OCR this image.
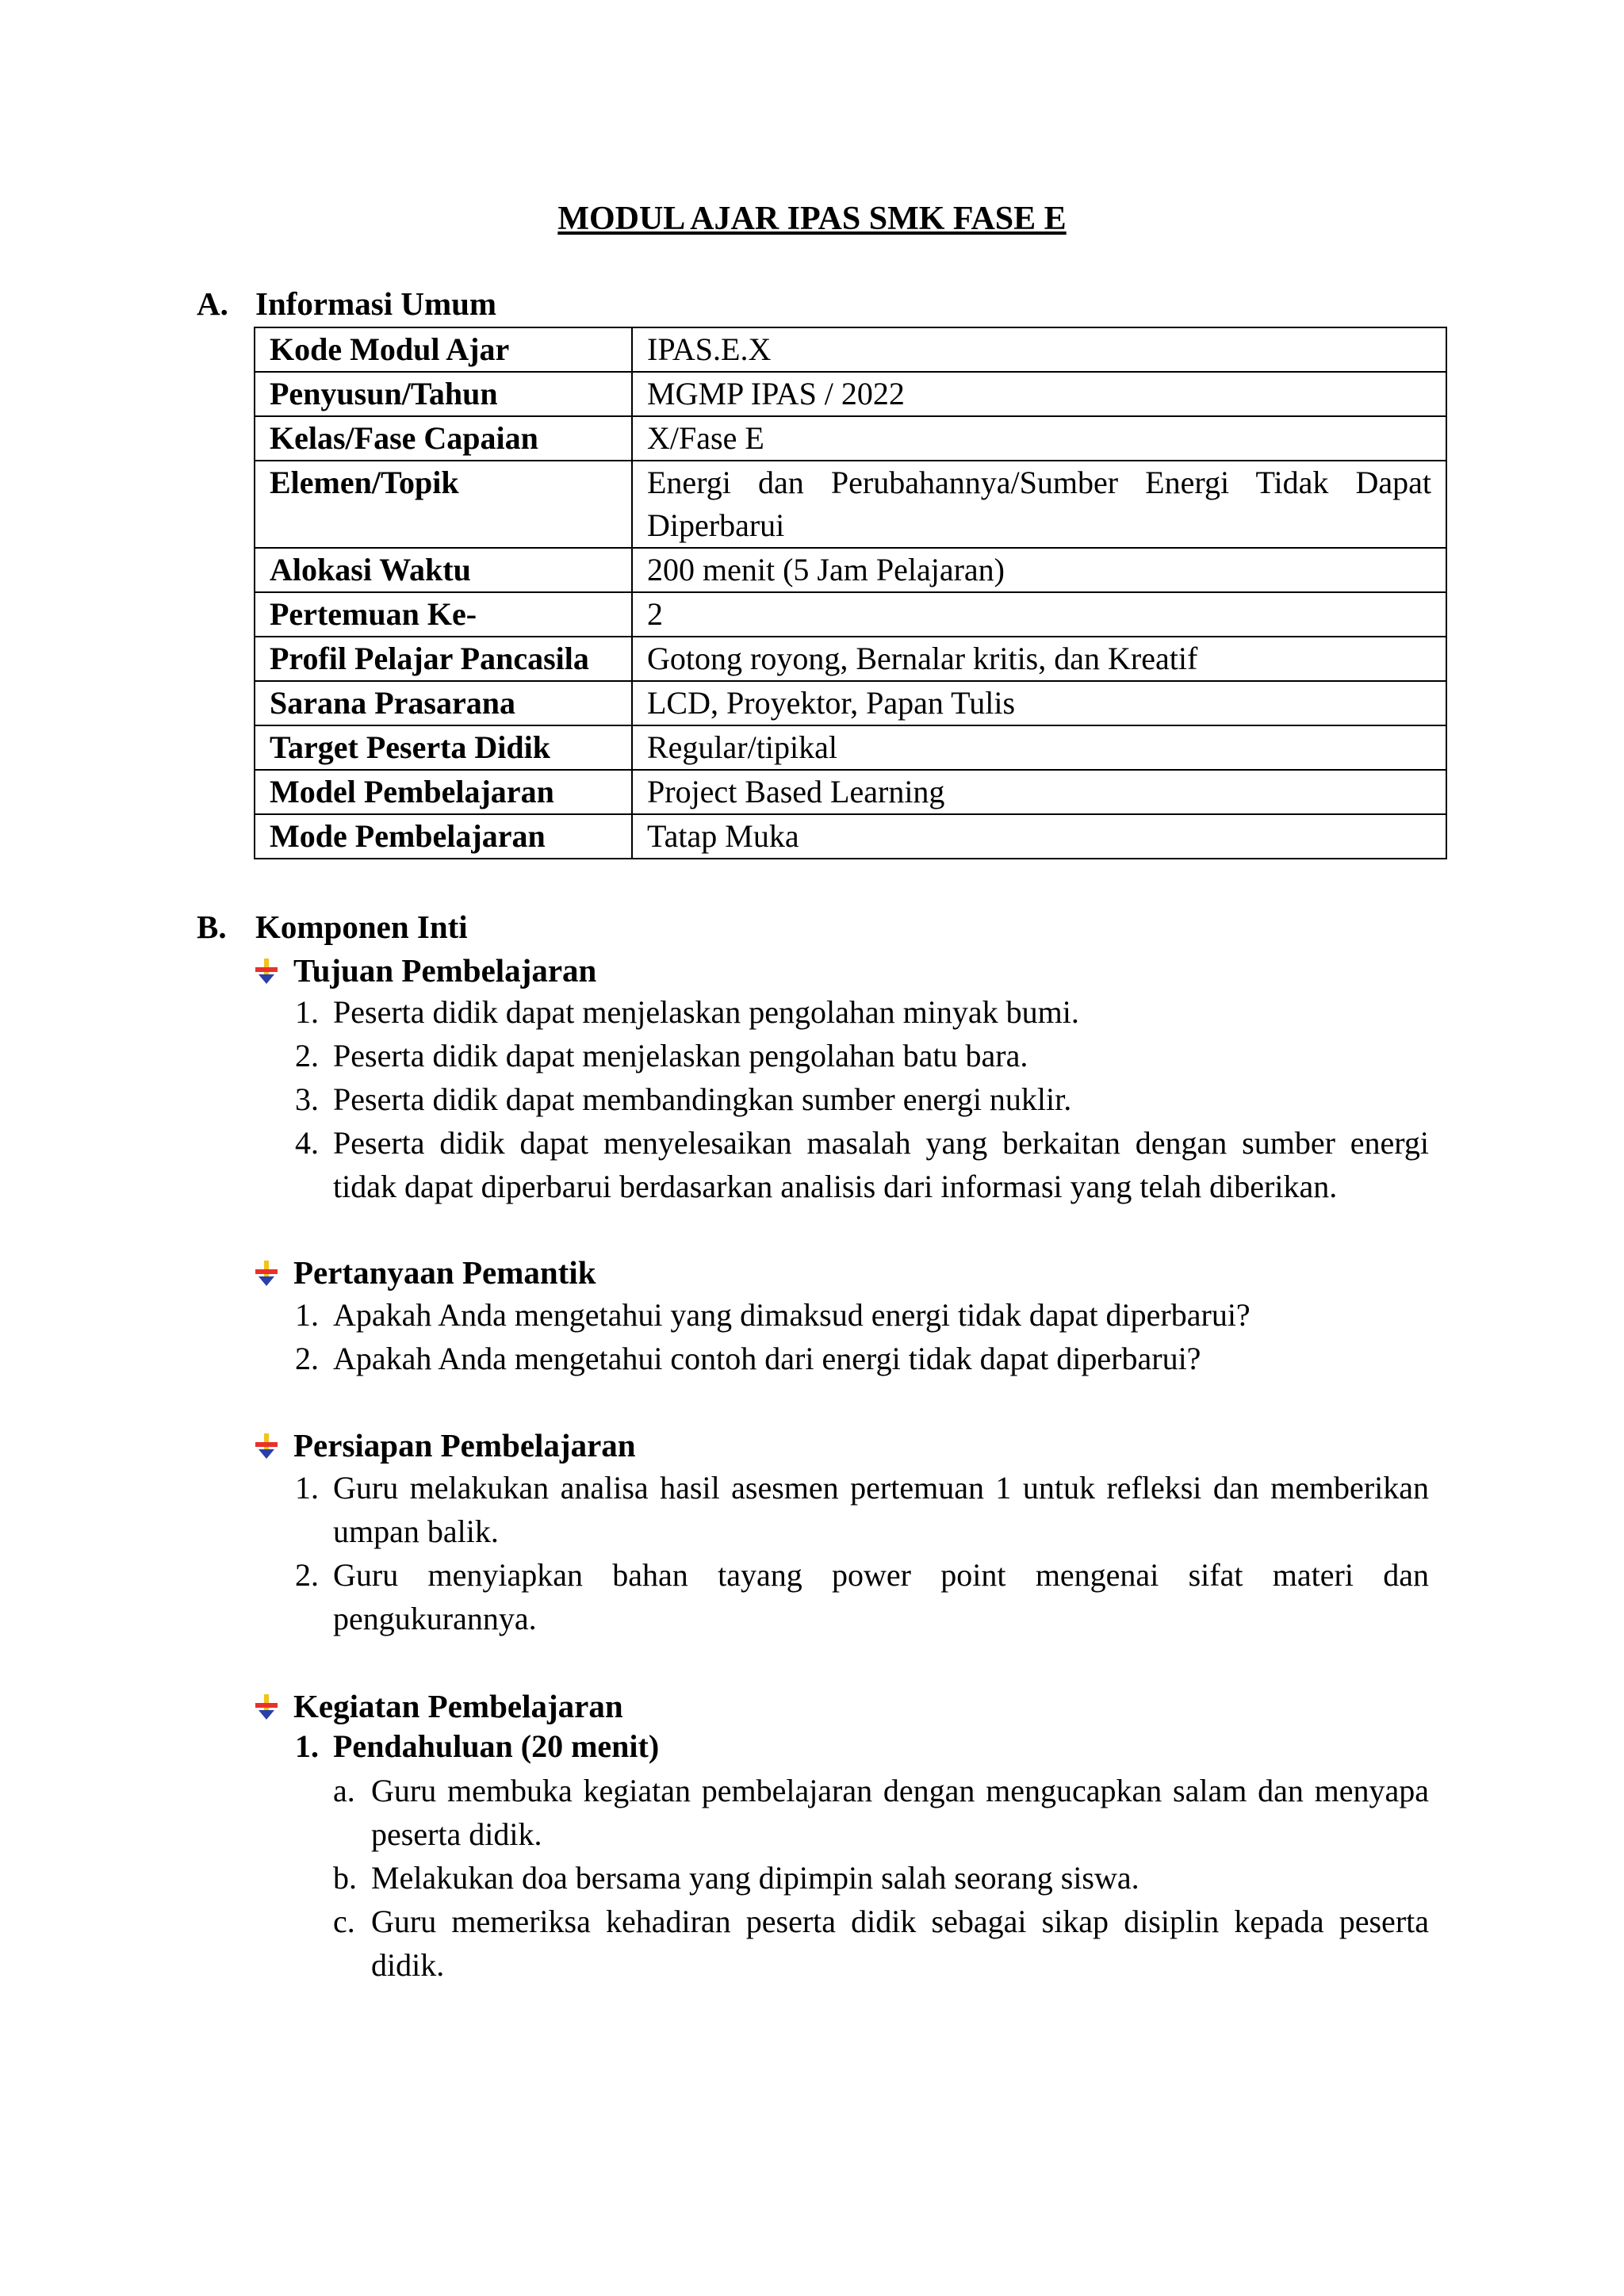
MODUL AJAR IPAS SMK FASE E
A. Informasi Umum
Kode Modul Ajar	IPAS.E.X
Penyusun/Tahun	MGMP IPAS / 2022
Kelas/Fase Capaian	X/Fase E
Elemen/Topik	Energi dan Perubahannya/Sumber Energi Tidak Dapat Diperbarui
Alokasi Waktu	200 menit (5 Jam Pelajaran)
Pertemuan Ke-	2
Profil Pelajar Pancasila	Gotong royong, Bernalar kritis, dan Kreatif
Sarana Prasarana	LCD, Proyektor, Papan Tulis
Target Peserta Didik	Regular/tipikal
Model Pembelajaran	Project Based Learning
Mode Pembelajaran	Tatap Muka
B. Komponen Inti
Tujuan Pembelajaran
1. Peserta didik dapat menjelaskan pengolahan minyak bumi.
2. Peserta didik dapat menjelaskan pengolahan batu bara.
3. Peserta didik dapat membandingkan sumber energi nuklir.
4. Peserta didik dapat menyelesaikan masalah yang berkaitan dengan sumber energi tidak dapat diperbarui berdasarkan analisis dari informasi yang telah diberikan.
Pertanyaan Pemantik
1. Apakah Anda mengetahui yang dimaksud energi tidak dapat diperbarui?
2. Apakah Anda mengetahui contoh dari energi tidak dapat diperbarui?
Persiapan Pembelajaran
1. Guru melakukan analisa hasil asesmen pertemuan 1 untuk refleksi dan memberikan umpan balik.
2. Guru menyiapkan bahan tayang power point mengenai sifat materi dan pengukurannya.
Kegiatan Pembelajaran
1. Pendahuluan (20 menit)
a. Guru membuka kegiatan pembelajaran dengan mengucapkan salam dan menyapa peserta didik.
b. Melakukan doa bersama yang dipimpin salah seorang siswa.
c. Guru memeriksa kehadiran peserta didik sebagai sikap disiplin kepada peserta didik.
